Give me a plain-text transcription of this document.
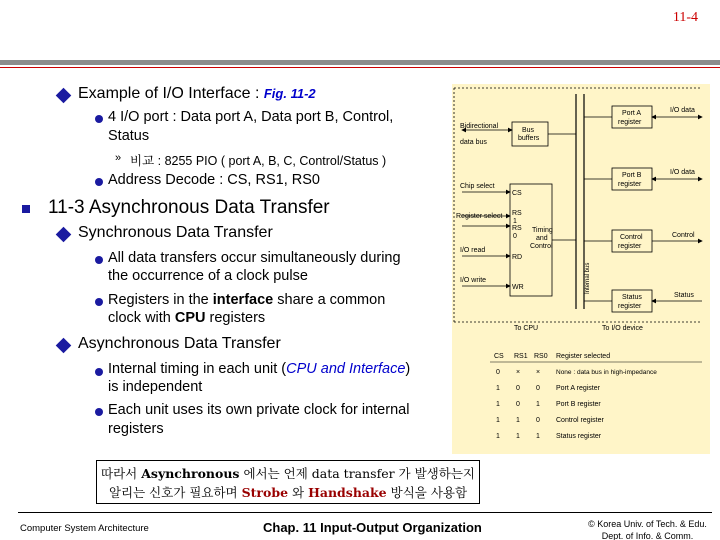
11-4
Example of I/O Interface : Fig. 11-2
4 I/O port : Data port A, Data port B, Control,
Status
» 비교 : 8255 PIO ( port A, B, C, Control/Status )
Address Decode : CS, RS1, RS0
11-3 Asynchronous Data Transfer
Synchronous Data Transfer
All data transfers occur simultaneously during
the occurrence of a clock pulse
Registers in the interface share a common
clock with CPU registers
Asynchronous Data Transfer
Internal timing in each unit (CPU and Interface)
is independent
Each unit uses its own private clock for internal
registers
Bidirectional
data bus
Bus
buffers
Port A
register
I/O data
Port B
register
I/O data
Control
register
Control
Status
register
Status
Chip select
Register select
I/O read
I/O write
CS
RS
1
RS
0
RD
WR
Timing
and
Control
Internal bus
To CPU	To I/O device
CS RS1 RS0 Register selected
0 × × None : data bus in high-impedance
1 0 0 Port A register
1 0 1 Port B register
1 1 0 Control register
1 1 1 Status register
따라서 Asynchronous 에서는 언제 data transfer 가 발생하는지
알리는 신호가 필요하며 Strobe 와 Handshake 방식을 사용함
Computer System Architecture	Chap. 11 Input-Output Organization	© Korea Univ. of Tech. & Edu.
Dept. of Info. & Comm.
